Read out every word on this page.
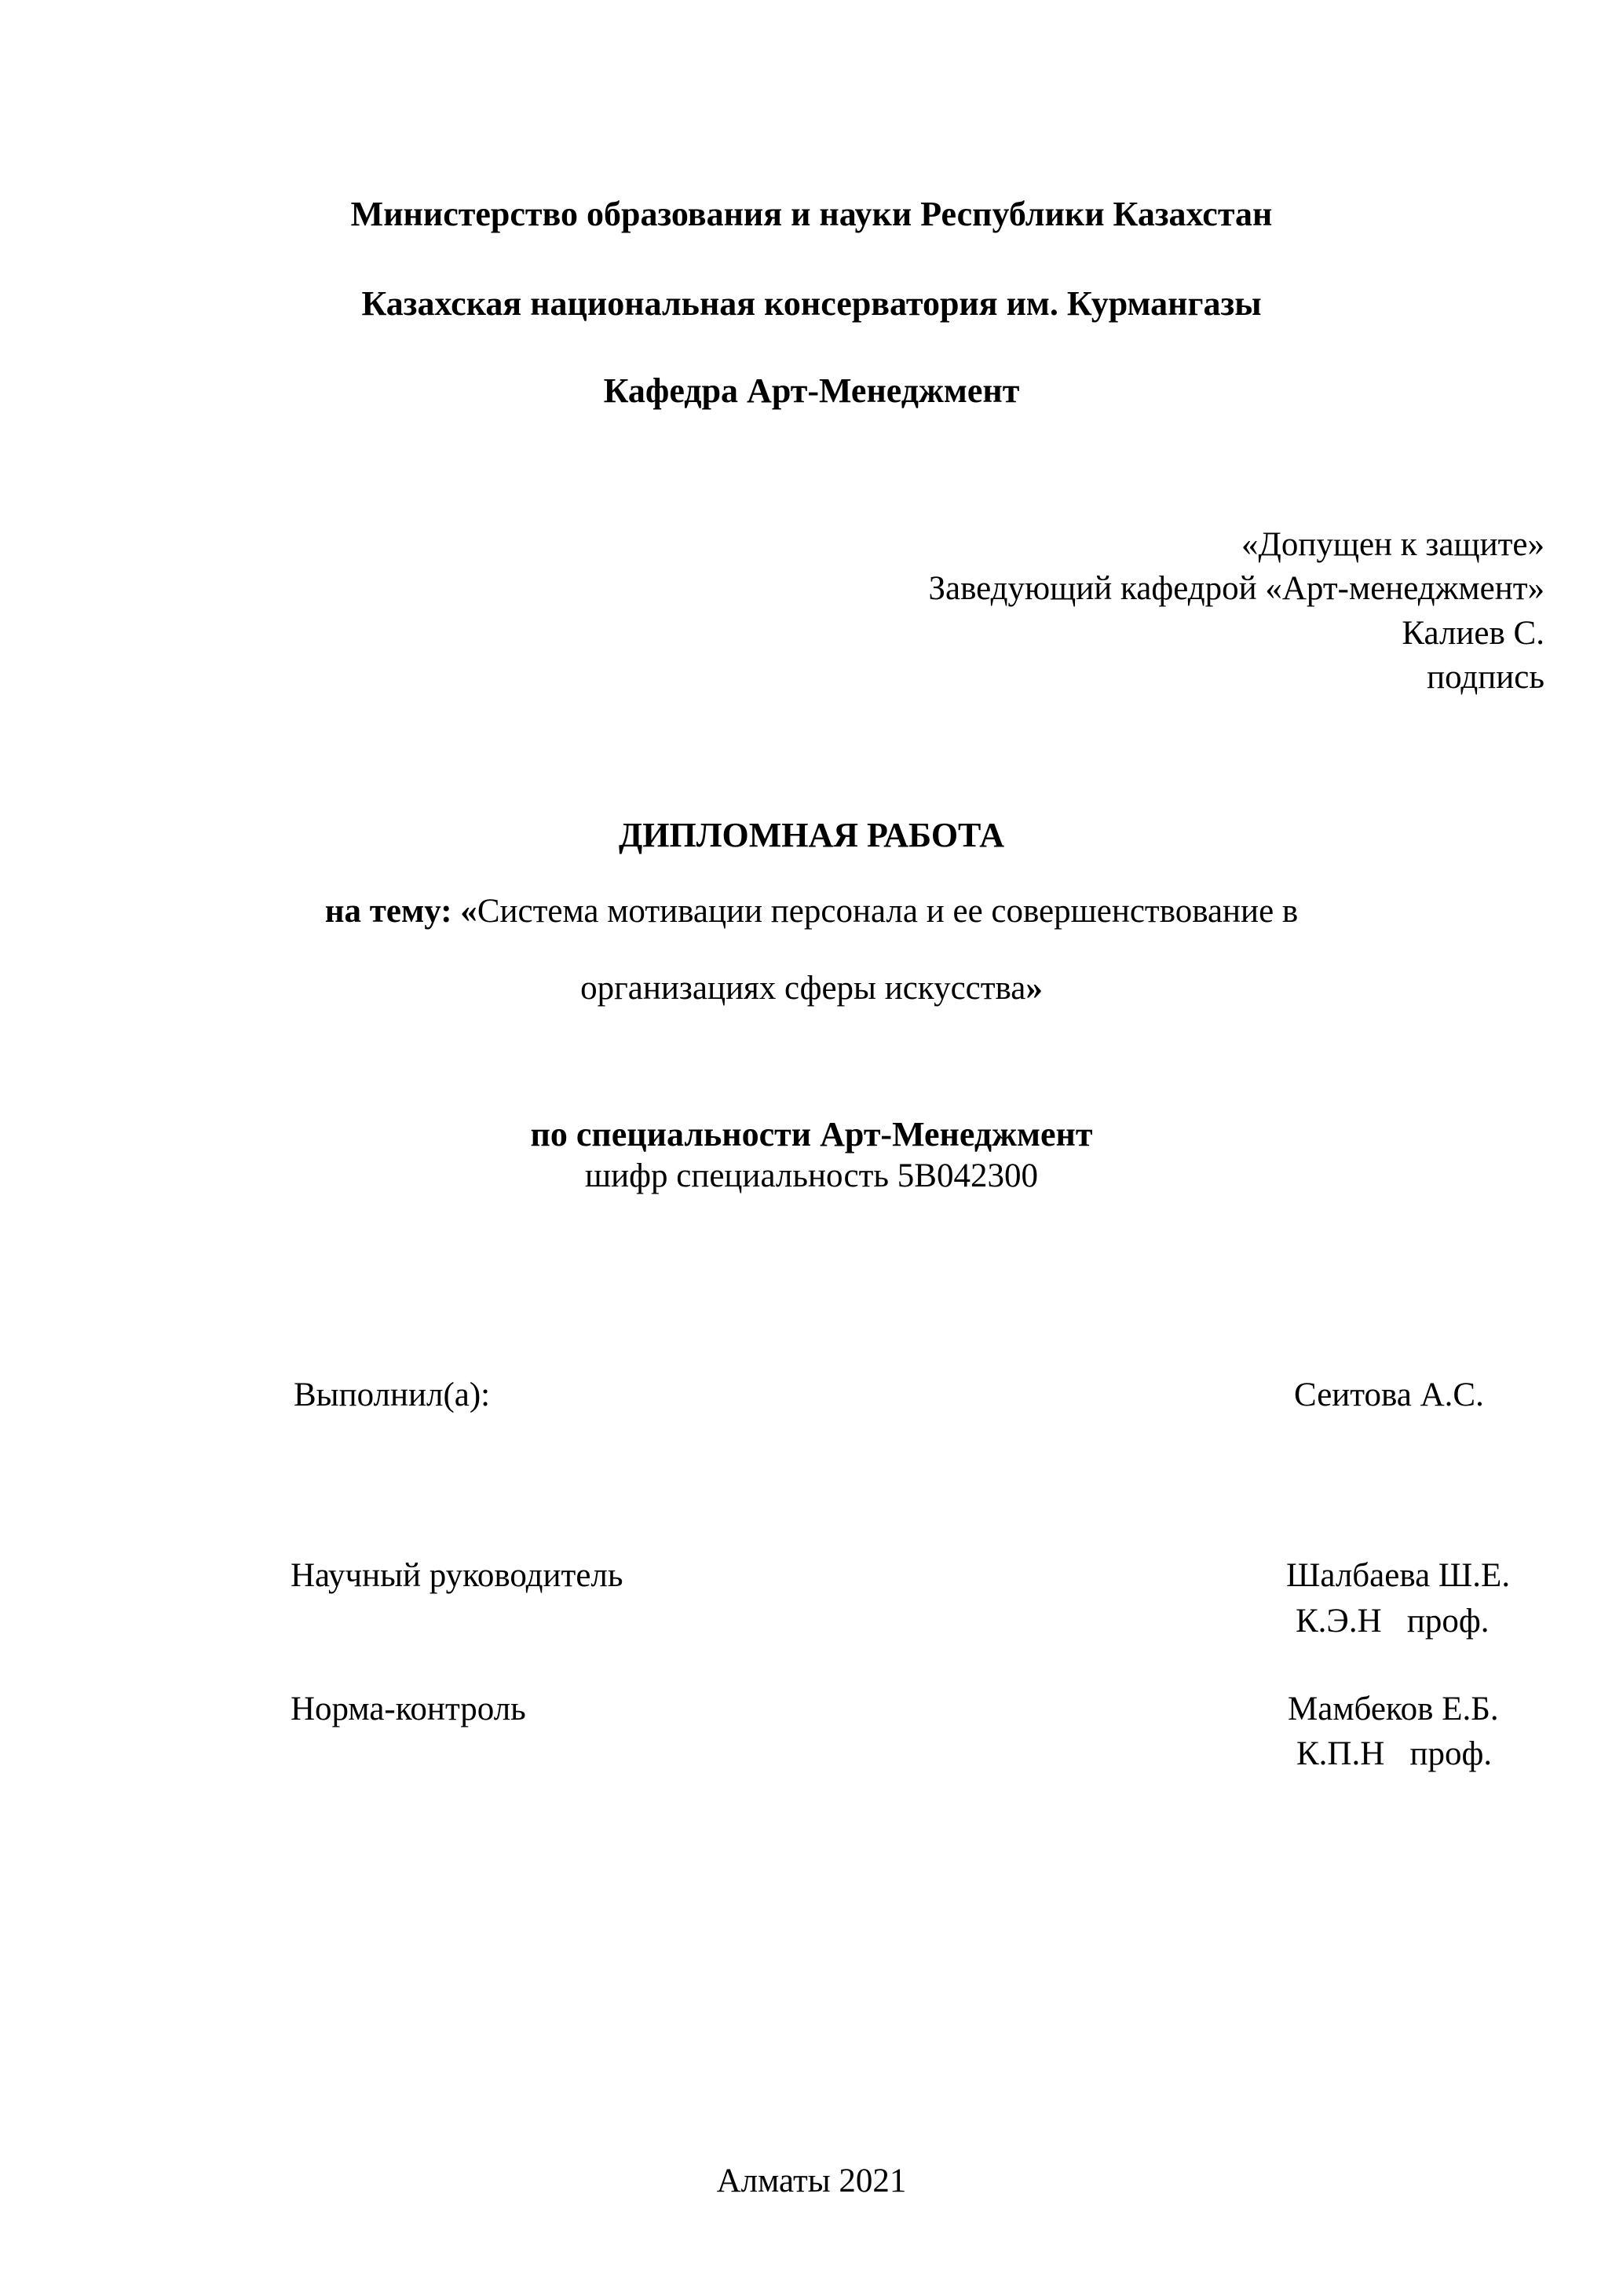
Министерство образования и науки Республики Казахстан
Казахская национальная консерватория им. Курмангазы
Кафедра Арт-Менеджмент
«Допущен к защите»
Заведующий кафедрой «Арт-менеджмент»
Калиев С.
подпись
ДИПЛОМНАЯ РАБОТА
на тему: «Система мотивации персонала и ее совершенствование в
организациях сферы искусства»
по специальности Арт-Менеджмент
шифр специальность 5В042300
Выполнил(а):	Сеитова А.С.
Научный руководитель	Шалбаева Ш.Е.
К.Э.Н   проф.
Норма-контроль	Мамбеков Е.Б.
К.П.Н   проф.
Алматы 2021
